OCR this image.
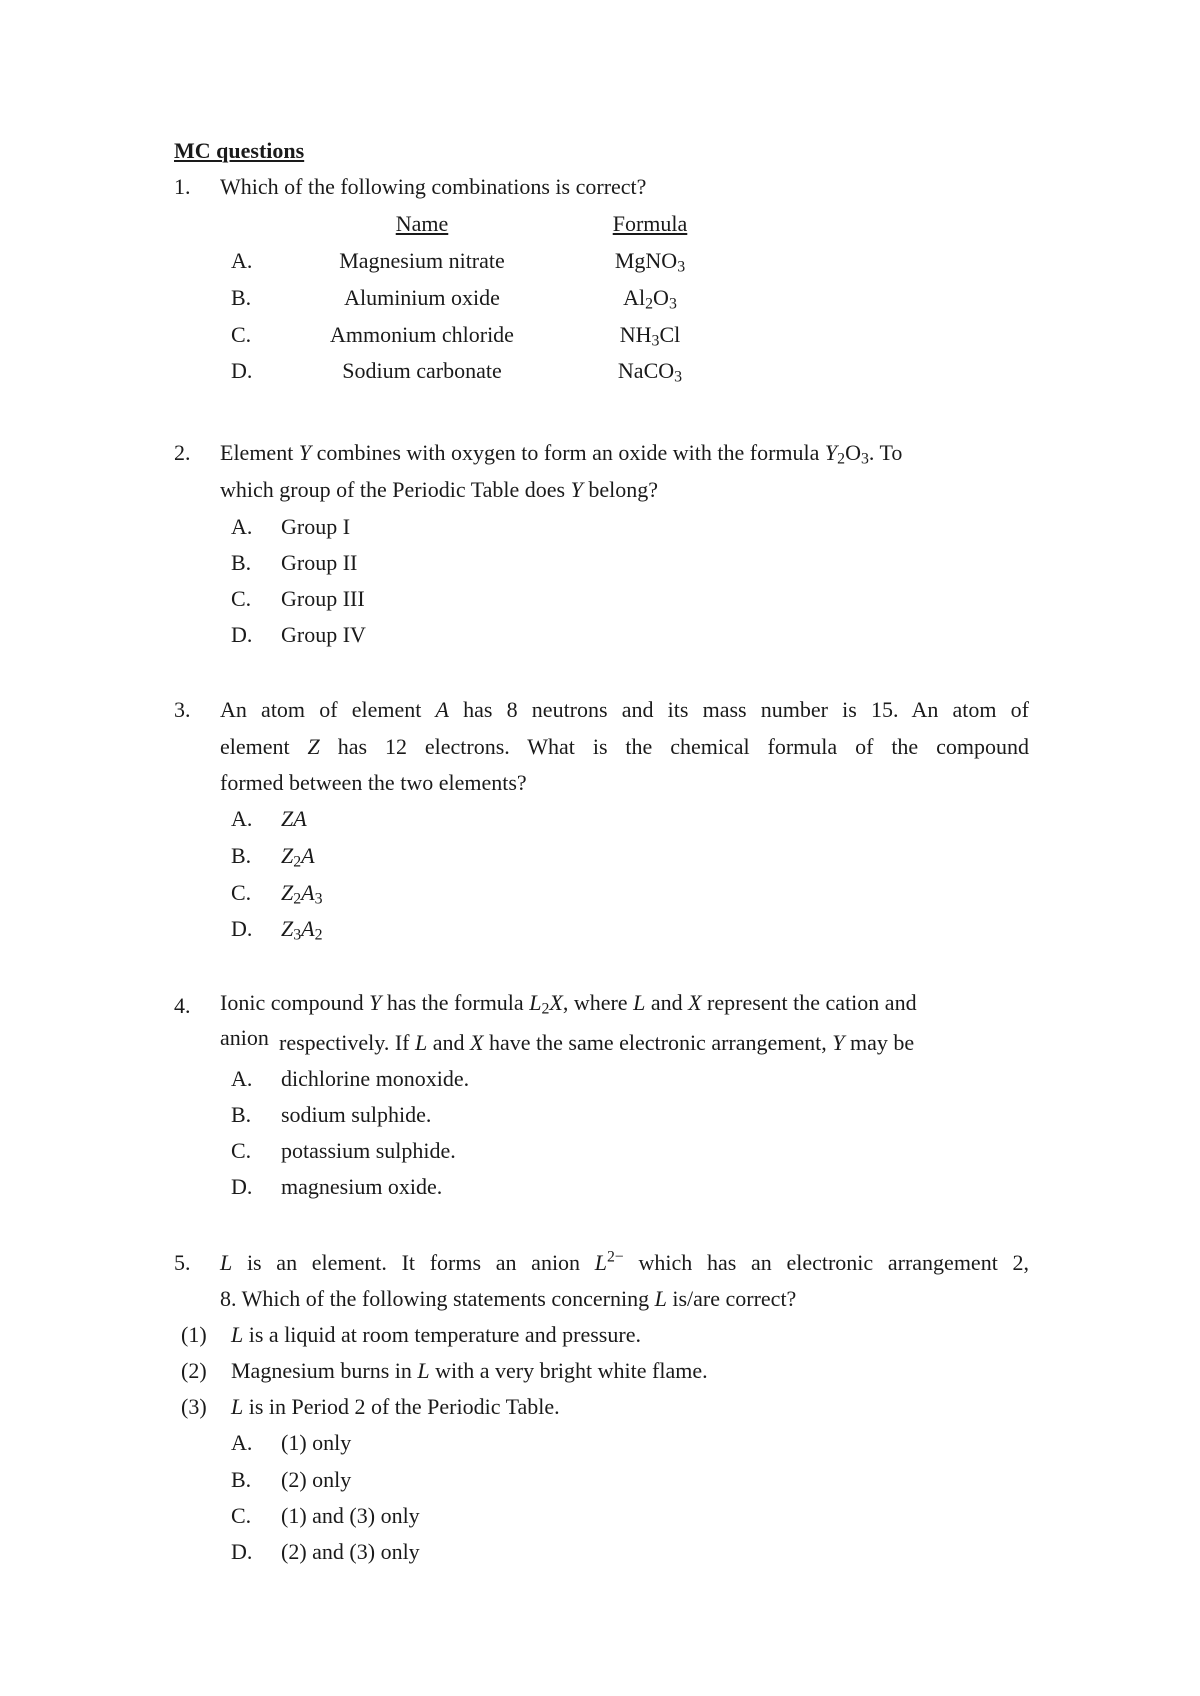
MC questions
1. Which of the following combinations is correct?
Name	Formula
A.	Magnesium nitrate	MgNO$_3$
B.	Aluminium oxide	$Al_2O_3$
C.	Ammonium chloride	$NH_3Cl$
D.	Sodium carbonate	NaCO$_3$
2. Element Y combines with oxygen to form an oxide with the formula $Y_2O_3$. To
which group of the Periodic Table does Y belong?
A. Group I
B. Group II
C. Group III
D. Group IV
3. An atom of element A has 8 neutrons and its mass number is 15. An atom of
element Z has 12 electrons. What is the chemical formula of the compound
formed between the two elements?
A. ZA
B. $Z_2A$
C. $Z_2A_3$
D. $Z_3A_2$
4. Ionic compound Y has the formula $L_2X$, where L and X represent the cation and
anion respectively. If L and X have the same electronic arrangement, Y may be
A. dichlorine monoxide.
B. sodium sulphide.
C. potassium sulphide.
D. magnesium oxide.
5. L is an element. It forms an anion $L^{2-}$ which has an electronic arrangement 2,
8. Which of the following statements concerning L is/are correct?
(1) L is a liquid at room temperature and pressure.
(2) Magnesium burns in L with a very bright white flame.
(3) L is in Period 2 of the Periodic Table.
A. (1) only
B. (2) only
C. (1) and (3) only
D. (2) and (3) only
